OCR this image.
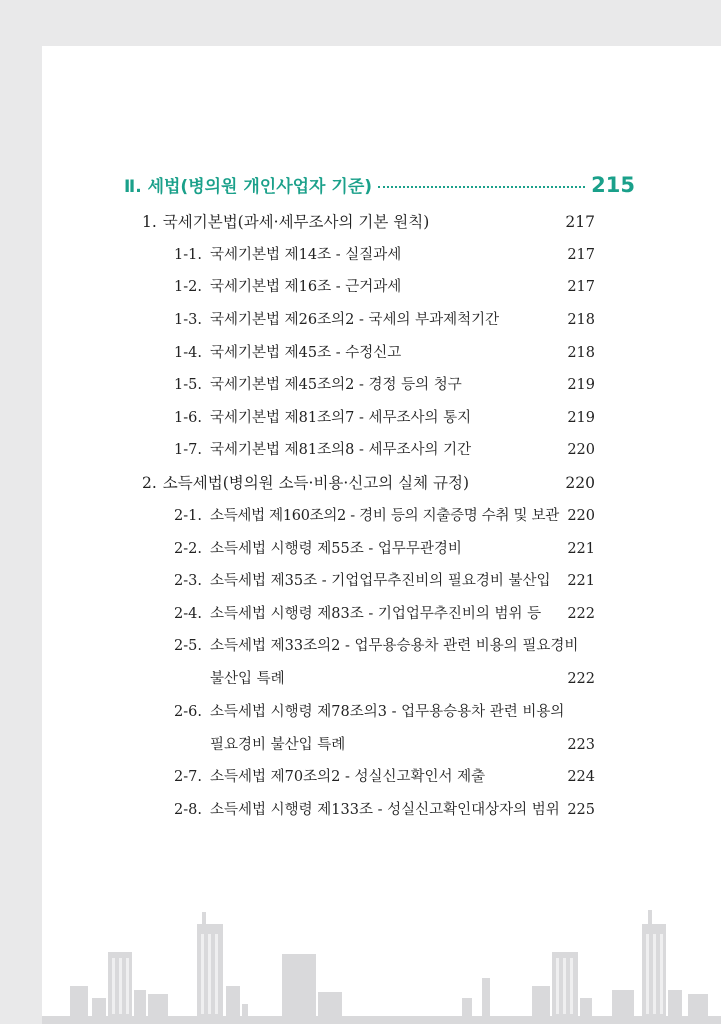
Ⅱ. 세법(병의원 개인사업자 기준)	215
1. 국세기본법(과세·세무조사의 기본 원칙)	217
1-1. 국세기본법 제14조 - 실질과세	217
1-2. 국세기본법 제16조 - 근거과세	217
1-3. 국세기본법 제26조의2 - 국세의 부과제척기간	218
1-4. 국세기본법 제45조 - 수정신고	218
1-5. 국세기본법 제45조의2 - 경정 등의 청구	219
1-6. 국세기본법 제81조의7 - 세무조사의 통지	219
1-7. 국세기본법 제81조의8 - 세무조사의 기간	220
2. 소득세법(병의원 소득·비용·신고의 실체 규정)	220
2-1. 소득세법 제160조의2 - 경비 등의 지출증명 수취 및 보관 220
2-2. 소득세법 시행령 제55조 - 업무무관경비	221
2-3. 소득세법 제35조 - 기업업무추진비의 필요경비 불산입	221
2-4. 소득세법 시행령 제83조 - 기업업무추진비의 범위 등	222
2-5. 소득세법 제33조의2 - 업무용승용차 관련 비용의 필요경비
불산입 특례	222
2-6. 소득세법 시행령 제78조의3 - 업무용승용차 관련 비용의
필요경비 불산입 특례	223
2-7. 소득세법 제70조의2 - 성실신고확인서 제출	224
2-8. 소득세법 시행령 제133조 - 성실신고확인대상자의 범위 225
